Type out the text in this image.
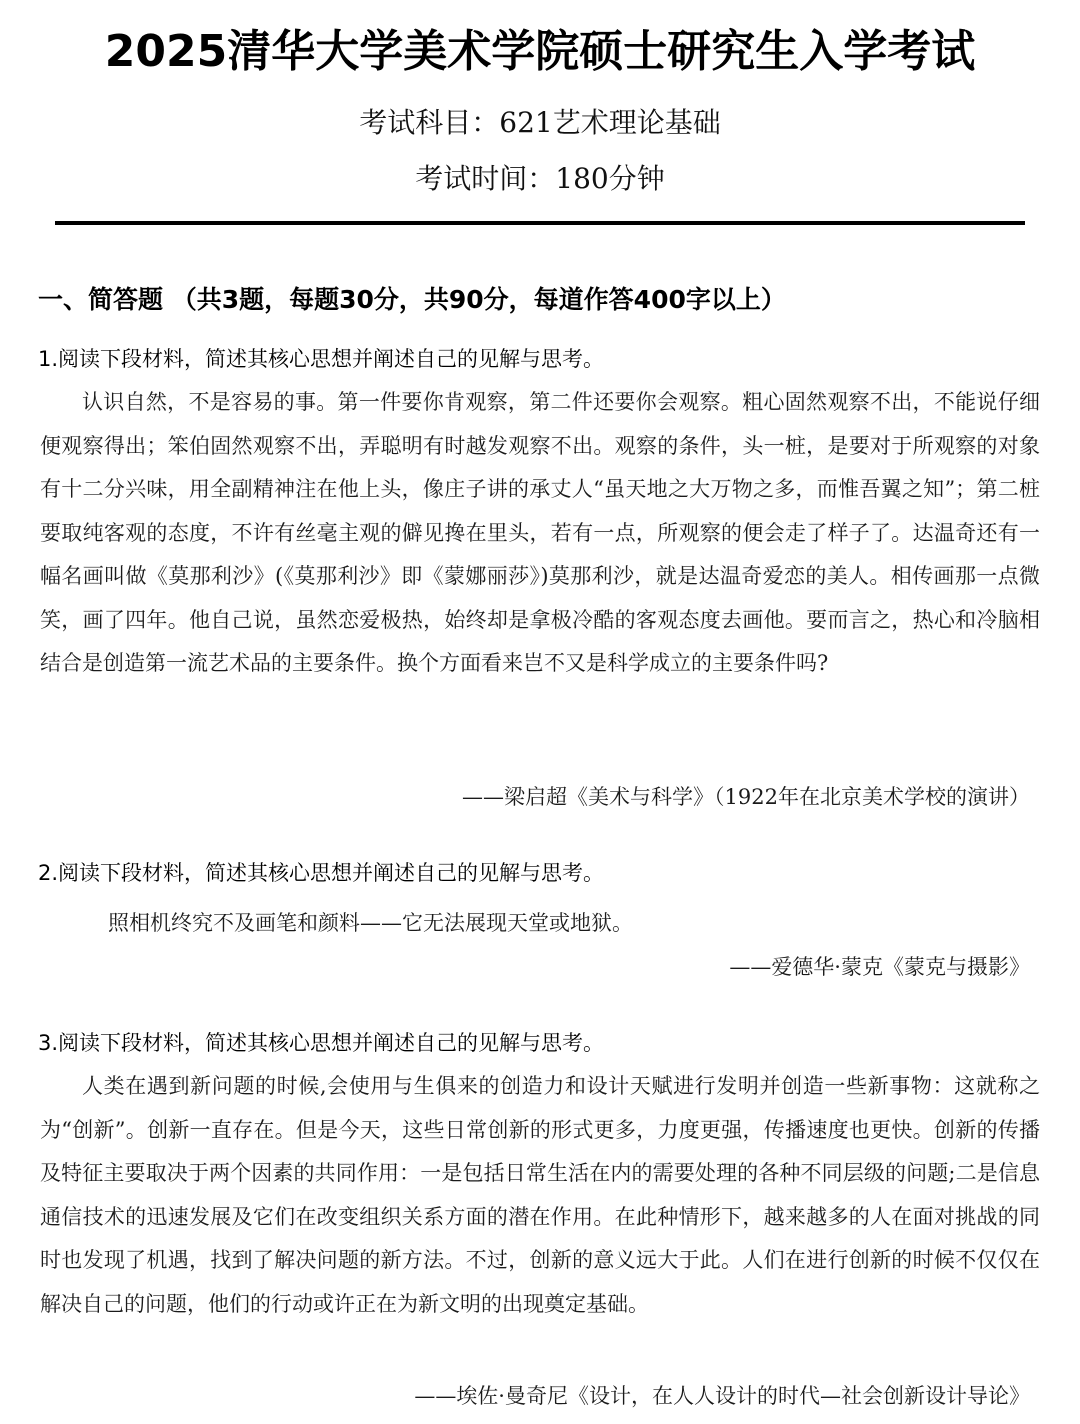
2025清华大学美术学院硕士研究生入学考试
考试科目：621艺术理论基础
考试时间：180分钟
一、简答题 （共3题，每题30分，共90分，每道作答400字以上）
1.阅读下段材料，简述其核心思想并阐述自己的见解与思考。

认识自然，不是容易的事。第一件要你肯观察，第二件还要你会观察。粗心固然观察不出，不能说仔细便观察得出；笨伯固然观察不出，弄聪明有时越发观察不出。观察的条件，头一桩，是要对于所观察的对象有十二分兴味，用全副精神注在他上头，像庄子讲的承丈人“虽天地之大万物之多，而惟吾翼之知”；第二桩要取纯客观的态度，不许有丝毫主观的僻见搀在里头，若有一点，所观察的便会走了样子了。达温奇还有一幅名画叫做《莫那利沙》(《莫那利沙》即《蒙娜丽莎》)莫那利沙，就是达温奇爱恋的美人。相传画那一点微笑，画了四年。他自己说，虽然恋爱极热，始终却是拿极冷酷的客观态度去画他。要而言之，热心和冷脑相结合是创造第一流艺术品的主要条件。换个方面看来岂不又是科学成立的主要条件吗?

——梁启超《美术与科学》（1922年在北京美术学校的演讲）
2.阅读下段材料，简述其核心思想并阐述自己的见解与思考。
照相机终究不及画笔和颜料——它无法展现天堂或地狱。
——爱德华·蒙克《蒙克与摄影》
3.阅读下段材料，简述其核心思想并阐述自己的见解与思考。

人类在遇到新问题的时候,会使用与生俱来的创造力和设计天赋进行发明并创造一些新事物：这就称之为“创新”。创新一直存在。但是今天，这些日常创新的形式更多，力度更强，传播速度也更快。创新的传播及特征主要取决于两个因素的共同作用：一是包括日常生活在内的需要处理的各种不同层级的问题;二是信息通信技术的迅速发展及它们在改变组织关系方面的潜在作用。在此种情形下，越来越多的人在面对挑战的同时也发现了机遇，找到了解决问题的新方法。不过，创新的意义远大于此。人们在进行创新的时候不仅仅在解决自己的问题，他们的行动或许正在为新文明的出现奠定基础。

——埃佐·曼奇尼《设计，在人人设计的时代—社会创新设计导论》
